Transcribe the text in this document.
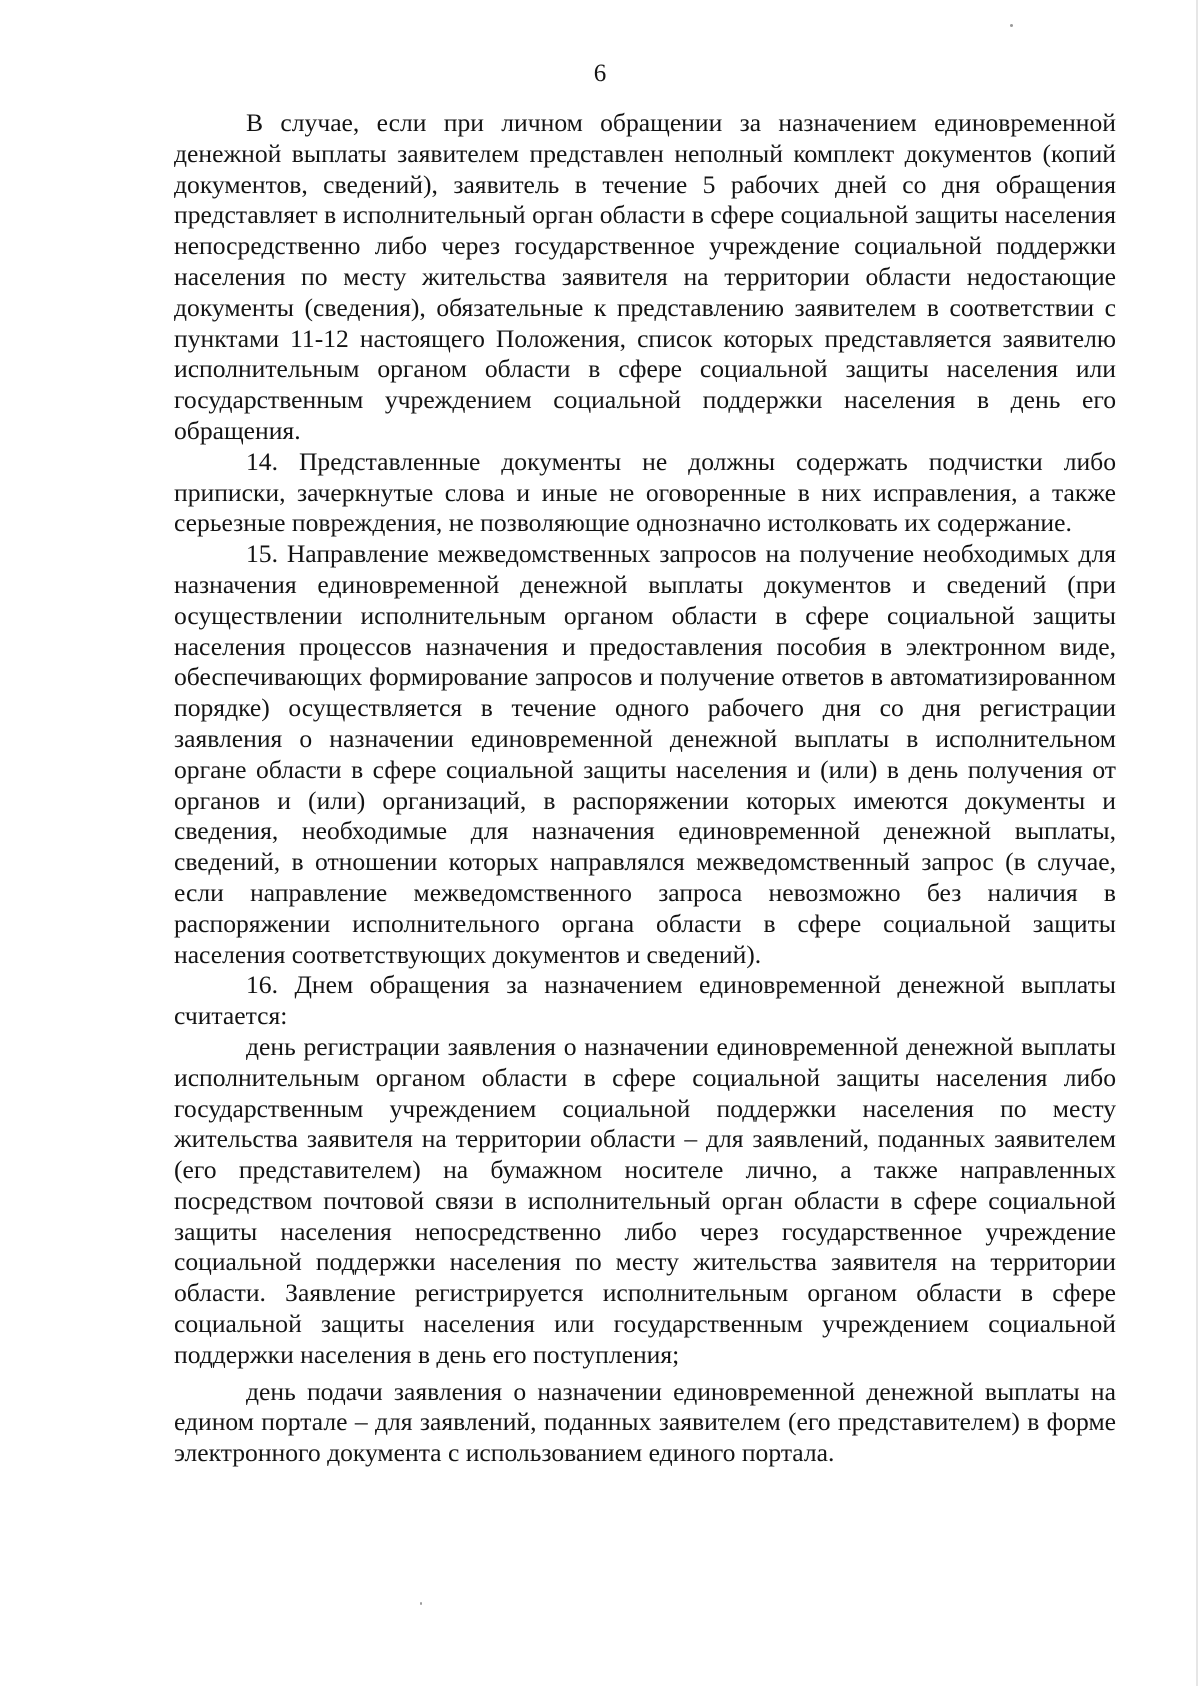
6

В случае, если при личном обращении за назначением единовременной денежной выплаты заявителем представлен неполный комплект документов (копий документов, сведений), заявитель в течение 5 рабочих дней со дня обращения представляет в исполнительный орган области в сфере социальной защиты населения непосредственно либо через государственное учреждение социальной поддержки населения по месту жительства заявителя на территории области недостающие документы (сведения), обязательные к представлению заявителем в соответствии с пунктами 11-12 настоящего Положения, список которых представляется заявителю исполнительным органом области в сфере социальной защиты населения или государственным учреждением социальной поддержки населения в день его обращения.

14. Представленные документы не должны содержать подчистки либо приписки, зачеркнутые слова и иные не оговоренные в них исправления, а также серьезные повреждения, не позволяющие однозначно истолковать их содержание.

15. Направление межведомственных запросов на получение необходимых для назначения единовременной денежной выплаты документов и сведений (при осуществлении исполнительным органом области в сфере социальной защиты населения процессов назначения и предоставления пособия в электронном виде, обеспечивающих формирование запросов и получение ответов в автоматизированном порядке) осуществляется в течение одного рабочего дня со дня регистрации заявления о назначении единовременной денежной выплаты в исполнительном органе области в сфере социальной защиты населения и (или) в день получения от органов и (или) организаций, в распоряжении которых имеются документы и сведения, необходимые для назначения единовременной денежной выплаты, сведений, в отношении которых направлялся межведомственный запрос (в случае, если направление межведомственного запроса невозможно без наличия в распоряжении исполнительного органа области в сфере социальной защиты населения соответствующих документов и сведений).

16. Днем обращения за назначением единовременной денежной выплаты считается:

день регистрации заявления о назначении единовременной денежной выплаты исполнительным органом области в сфере социальной защиты населения либо государственным учреждением социальной поддержки населения по месту жительства заявителя на территории области – для заявлений, поданных заявителем (его представителем) на бумажном носителе лично, а также направленных посредством почтовой связи в исполнительный орган области в сфере социальной защиты населения непосредственно либо через государственное учреждение социальной поддержки населения по месту жительства заявителя на территории области. Заявление регистрируется исполнительным органом области в сфере социальной защиты населения или государственным учреждением социальной поддержки населения в день его поступления;

день подачи заявления о назначении единовременной денежной выплаты на едином портале – для заявлений, поданных заявителем (его представителем) в форме электронного документа с использованием единого портала.
